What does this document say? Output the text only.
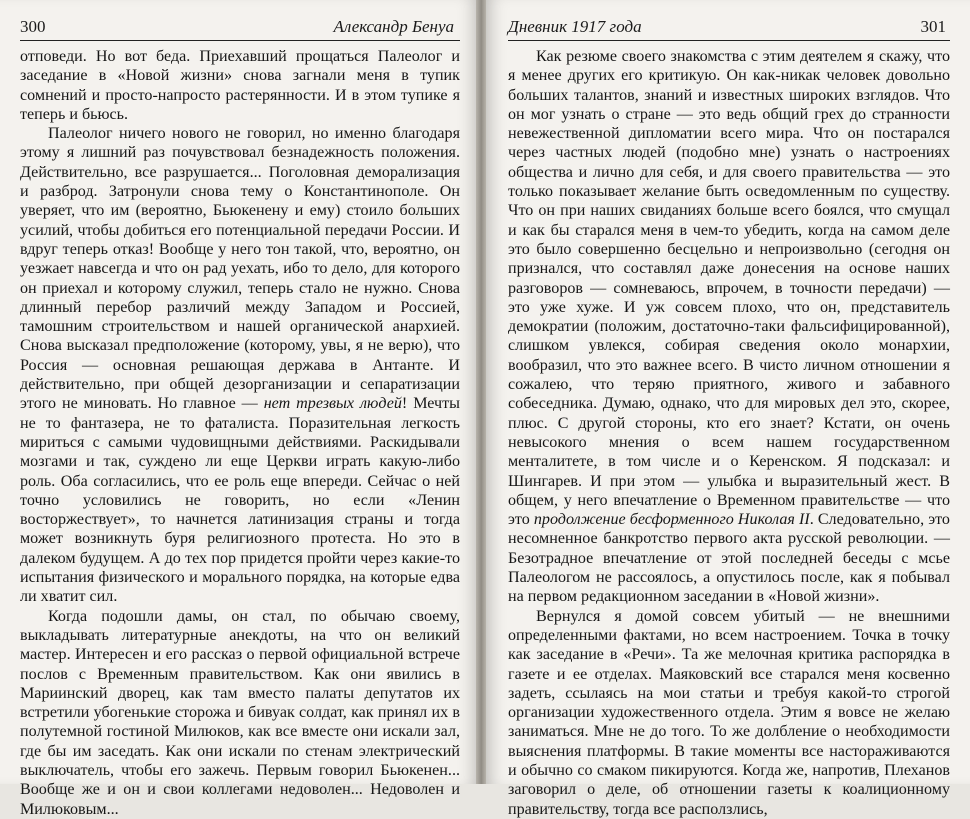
300	Александр Бенуа

отповеди. Но вот беда. Приехавший прощаться Палеолог и заседание в «Новой жизни» снова загнали меня в тупик сомнений и просто-напросто растерянности. И в этом тупике я теперь и бьюсь.

Палеолог ничего нового не говорил, но именно благодаря этому я лишний раз почувствовал безнадежность положения. Действительно, все разрушается... Поголовная деморализация и разброд. Затронули снова тему о Константинополе. Он уверяет, что им (вероятно, Бьюкенену и ему) стоило больших усилий, чтобы добиться его потенциальной передачи России. И вдруг теперь отказ! Вообще у него тон такой, что, вероятно, он уезжает навсегда и что он рад уехать, ибо то дело, для которого он приехал и которому служил, теперь стало не нужно. Снова длинный перебор различий между Западом и Россией, тамошним строительством и нашей органической анархией. Снова высказал предположение (которому, увы, я не верю), что Россия — основная решающая держава в Антанте. И действительно, при общей дезорганизации и сепаратизации этого не миновать. Но главное — нет трезвых людей! Мечты не то фантазера, не то фаталиста. Поразительная легкость мириться с самыми чудовищными действиями. Раскидывали мозгами и так, суждено ли еще Церкви играть какую-либо роль. Оба согласились, что ее роль еще впереди. Сейчас о ней точно условились не говорить, но если «Ленин восторжествует», то начнется латинизация страны и тогда может возникнуть буря религиозного протеста. Но это в далеком будущем. А до тех пор придется пройти через какие-то испытания физического и морального порядка, на которые едва ли хватит сил.

Когда подошли дамы, он стал, по обычаю своему, выкладывать литературные анекдоты, на что он великий мастер. Интересен и его рассказ о первой официальной встрече послов с Временным правительством. Как они явились в Мариинский дворец, как там вместо палаты депутатов их встретили убогенькие сторожа и бивуак солдат, как принял их в полутемной гостиной Милюков, как все вместе они искали зал, где бы им заседать. Как они искали по стенам электрический выключатель, чтобы его зажечь. Первым говорил Бьюкенен... Вообще же и он и свои коллегами недоволен... Недоволен и Милюковым...

Дневник 1917 года	301

Как резюме своего знакомства с этим деятелем я скажу, что я менее других его критикую. Он как-никак человек довольно больших талантов, знаний и известных широких взглядов. Что он мог узнать о стране — это ведь общий грех до странности невежественной дипломатии всего мира. Что он постарался через частных людей (подобно мне) узнать о настроениях общества и лично для себя, и для своего правительства — это только показывает желание быть осведомленным по существу. Что он при наших свиданиях больше всего боялся, что смущал и как бы старался меня в чем-то убедить, когда на самом деле это было совершенно бесцельно и непроизвольно (сегодня он признался, что составлял даже донесения на основе наших разговоров — сомневаюсь, впрочем, в точности передачи) — это уже хуже. И уж совсем плохо, что он, представитель демократии (положим, достаточно-таки фальсифицированной), слишком увлекся, собирая сведения около монархии, вообразил, что это важнее всего. В чисто личном отношении я сожалею, что теряю приятного, живого и забавного собеседника. Думаю, однако, что для мировых дел это, скорее, плюс. С другой стороны, кто его знает? Кстати, он очень невысокого мнения о всем нашем государственном менталитете, в том числе и о Керенском. Я подсказал: и Шингарев. И при этом — улыбка и выразительный жест. В общем, у него впечатление о Временном правительстве — что это продолжение бесформенного Николая II. Следовательно, это несомненное банкротство первого акта русской революции. — Безотрадное впечатление от этой последней беседы с мсье Палеологом не рассоялось, а опустилось после, как я побывал на первом редакционном заседании в «Новой жизни».

Вернулся я домой совсем убитый — не внешними определенными фактами, но всем настроением. Точка в точку как заседание в «Речи». Та же мелочная критика распорядка в газете и ее отделах. Маяковский все старался меня косвенно задеть, ссылаясь на мои статьи и требуя какой-то строгой организации художественного отдела. Этим я вовсе не желаю заниматься. Мне не до того. То же долбление о необходимости выяснения платформы. В такие моменты все настораживаются и обычно со смаком пикируются. Когда же, напротив, Плеханов заговорил о деле, об отношении газеты к коалиционному правительству, тогда все расползлись,
